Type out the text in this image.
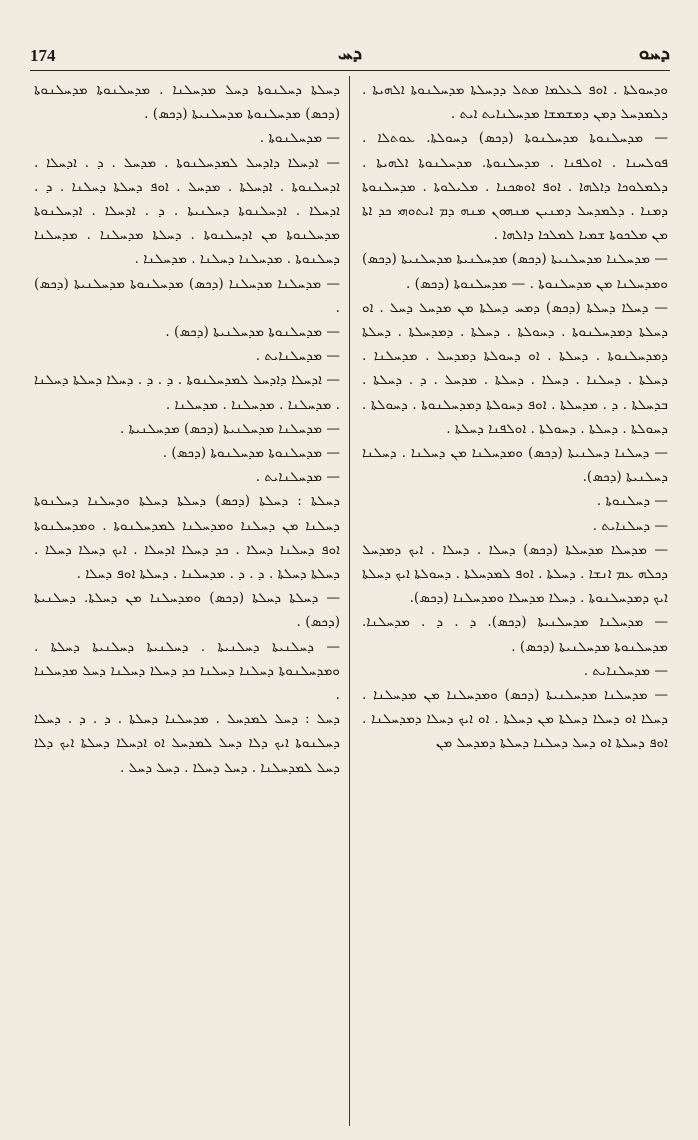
174	ܕܚ	ܕܚܘ

ܘܕܚܘܠܬܐ . ܐܘܦ ܠܥܠܡܐ ܡܬܠ ܕܕܚܠܬܐ ܡܕܚܠܢܘܬܐ ܐܠܗܝܬܐ . ܕܠܡܕܚܠ ܕܡܢ ܕܡܫܡܫܐ ܡܕܚܠܢܐܝܬ ܐܝܬ .

— ܡܕܚܠܢܘܬܐ ܡܕܚܠܢܘܬܐ (ܕܟܣ) ܕܚܘܠܬܐ. ܥܘܬܠܐ . ܦܘܠܚܢܐ . ܐܘܠܦܢܐ . ܡܕܚܠܢܘܬܐ. ܡܕܚܠܢܘܬܐ ܐܠܗܝܬܐ . ܕܠܡܠܘܟܐ ܕܐܠܗܐ . ܐܘܦ ܐܘܣܟܢܐ . ܡܠܝܠܘܬܐ . ܡܕܚܠܢܘܬܐ ܕܡܢܐ . ܕܠܡܕܚܠ ܕܡܢܝܢ ܡܢܗܘܢ ܡܢܗ ܕܡ ܐܝܬܘܗܝ ܟܕ ܐܬܐ ܡܢ ܡܠܟܘܬܐ ܫܡܝܐ ܠܡܠܟܐ ܕܐܠܗܐ .

— ܡܕܚܠܢܐ ܡܕܚܠܢܝܬܐ (ܕܟܣ) ܡܕܚܠܢܝܬܐ ܡܕܚܠܢܝܬܐ (ܕܟܣ) ܘܡܕܚܠܢܐ ܡܢ ܡܕܚܠܢܘܬܐ . — ܡܕܚܠܢܘܬܐ (ܕܟܣ) .

— ܕܚܠܐ ܕܚܠܬܐ (ܕܟܣ) ܕܡܚ ܕܚܠܬܐ ܡܢ ܡܕܚܠ ܕܚܠ . ܐܘ ܕܚܠܬܐ ܕܡܕܚܠܢܘܬܐ . ܕܚܘܠܬܐ . ܕܚܠܬܐ . ܕܡܕܚܠܬܐ . ܕܚܠܬܐ ܕܡܕܚܠܢܘܬܐ . ܕܚܠܬܐ . ܐܘ ܕܚܘܠܬܐ ܕܡܕܚܠ . ܡܕܚܠܢܐ . ܕܚܠܬܐ . ܕܚܠܢܐ . ܕܚܠܐ . ܕܚܠܬܐ . ܡܕܚܠ . ܕ . ܕܚܠܬܐ . ܒܕܚܠܬܐ . ܕ . ܡܕܚܠܬܐ . ܐܘܦ ܕܚܘܠܬܐ ܕܡܕܚܠܢܘܬܐ . ܕܚܘܠܬܐ . ܕܚܘܠܬܐ . ܕܚܠܬܐ . ܕܚܘܠܬܐ . ܐܘܠܦܢܐ ܕܚܠܬܐ .

— ܕܚܠܢܐ ܕܚܠܢܝܬܐ (ܕܟܣ) ܘܡܕܚܠܢܐ ܡܢ ܕܚܠܢܐ . ܕܚܠܢܐ ܕܚܠܢܝܬܐ (ܕܟܣ).

— ܕܚܠܢܘܬܐ .

— ܕܚܠܢܐܝܬ .

— ܡܕܚܠܐ ܡܕܚܠܬܐ (ܕܟܣ) ܕܚܠܐ . ܕܚܠܐ . ܐܝܟ ܕܡܕܚܠ ܕܟܠܗ ܥܡ ܐܢܫܐ . ܕܚܠܬܐ . ܐܘܦ ܠܡܕܚܠܬܐ . ܕܚܘܠܬܐ ܐܝܟ ܕܚܠܬܐ ܐܝܟ ܕܡܕܚܠܢܘܬܐ . ܕܚܠܐ ܡܕܚܠܐ ܘܡܕܚܠܢܐ (ܕܟܣ).

— ܡܕܚܠܢܐ ܡܕܚܠܢܝܬܐ (ܕܟܣ). ܕ . ܕ . ܡܕܚܠܢܐ. ܡܕܚܠܢܘܬܐ ܡܕܚܠܢܝܬܐ (ܕܟܣ) .

— ܡܕܚܠܢܐܝܬ .

— ܡܕܚܠܢܐ ܡܕܚܠܢܝܬܐ (ܕܟܣ) ܘܡܕܚܠܢܐ ܡܢ ܡܕܚܠܢܐ . ܕܚܠܐ ܐܘ ܕܚܠܐ ܕܚܠܬܐ ܡܢ ܕܚܠܬܐ . ܐܘ ܐܝܟ ܕܚܠܐ ܕܡܕܚܠܢܐ . ܐܘܦ ܕܚܠܬܐ ܐܘ ܕܚܠ ܕܚܠܢܐ ܕܚܠܬܐ ܕܡܕܚܠ ܡܢ

ܕܚܠܬܐ ܕܚܠܢܘܬܐ ܕܚܠ ܡܕܚܠܢܐ . ܡܕܚܠܢܘܬܐ ܡܕܚܠܢܘܬܐ (ܕܟܣ) ܡܕܚܠܢܘܬܐ ܡܕܚܠܢܝܬܐ (ܕܟܣ) .

— ܡܕܚܠܢܘܬܐ .

— ܐܕܚܠܐ ܕܐܕܚܠ ܠܡܕܚܠܢܘܬܐ . ܡܕܚܠ . ܕ . ܐܕܚܠܐ . ܐܕܚܠܢܘܬܐ . ܐܕܚܠܬܐ . ܡܕܚܠ . ܐܘܦ ܕܚܠܬܐ ܕܚܠܢܐ . ܕ . ܐܕܚܠܐ . ܐܕܚܠܢܘܬܐ ܕܚܠܢܝܬܐ . ܕ . ܐܕܚܠܐ . ܐܕܚܠܢܘܬܐ ܡܕܚܠܢܘܬܐ ܡܢ ܐܕܚܠܢܘܬܐ . ܕܚܠܬܐ ܡܕܚܠܢܐ . ܡܕܚܠܢܐ ܕܚܠܢܘܬܐ . ܡܕܚܠܢܐ ܕܚܠܢܐ . ܡܕܚܠܢܐ .

— ܡܕܚܠܢܐ ܡܕܚܠܢܐ (ܕܟܣ) ܡܕܚܠܢܘܬܐ ܡܕܚܠܢܝܬܐ (ܕܟܣ) .

— ܡܕܚܠܢܘܬܐ ܡܕܚܠܢܝܬܐ (ܕܟܣ) .

— ܡܕܚܠܢܐܝܬ .

— ܐܕܚܠܐ ܕܐܕܚܠ ܠܡܕܚܠܢܘܬܐ . ܕ . ܕ . ܕܚܠܐ ܕܚܠܬܐ ܕܚܠܢܐ . ܡܕܚܠܢܐ . ܡܕܚܠܢܐ . ܡܕܚܠܢܐ .

— ܡܕܚܠܢܐ ܡܕܚܠܢܝܬܐ (ܕܟܣ) ܡܕܚܠܢܝܬܐ .

— ܡܕܚܠܢܘܬܐ ܡܕܚܠܢܘܬܐ (ܕܟܣ) .

— ܡܕܚܠܢܐܝܬ .

ܕܚܠܬܐ : ܕܚܠܬܐ (ܕܟܣ) ܕܚܠܬܐ ܕܚܠܬܐ ܘܕܚܠܢܐ ܕܚܠܢܘܬܐ ܕܚܠܢܐ ܡܢ ܕܚܠܢܐ ܘܡܕܚܠܢܐ ܠܡܕܚܠܢܘܬܐ . ܘܡܕܚܠܢܘܬܐ ܐܘܦ ܕܚܠܢܐ ܕܚܠܐ . ܟܕ ܕܚܠܐ ܐܕܚܠܐ . ܐܝܟ ܕܚܠܐ ܕܚܠܐ . ܕܚܠܬܐ ܕܚܠܬܐ . ܕ . ܕ . ܡܕܚܠܢܐ . ܕܚܠܬܐ ܐܘܦ ܕܚܠܐ .

— ܕܚܠܬܐ ܕܚܠܬܐ (ܕܟܣ) ܘܡܕܚܠܢܐ ܡܢ ܕܚܠܬܐ. ܕܚܠܢܝܬܐ (ܕܟܣ) .

— ܕܚܠܢܝܬܐ ܕܚܠܢܝܬܐ . ܕܚܠܢܝܬܐ ܕܚܠܢܝܬܐ ܕܚܠܬܐ . ܘܡܕܚܠܢܘܬܐ ܕܚܠܢܐ ܕܚܠܢܐ ܟܕ ܕܚܠܐ ܕܚܠܢܐ ܕܚܠ ܡܕܚܠܢܐ .

ܕܚܠ : ܕܚܠ ܠܡܕܚܠ . ܡܕܚܠܢܐ ܕܚܠܬܐ . ܕ . ܕ . ܕܚܠܐ ܕܚܠܢܘܬܐ ܐܝܟ ܕܠܐ ܕܚܠ ܠܡܕܚܠ ܐܘ ܐܕܚܠܐ ܕܚܠܬܐ ܐܝܟ ܕܠܐ ܕܚܠ ܠܡܕܚܠܢܐ . ܕܚܠ ܕܚܠܐ . ܕܚܠ ܕܚܠ .
